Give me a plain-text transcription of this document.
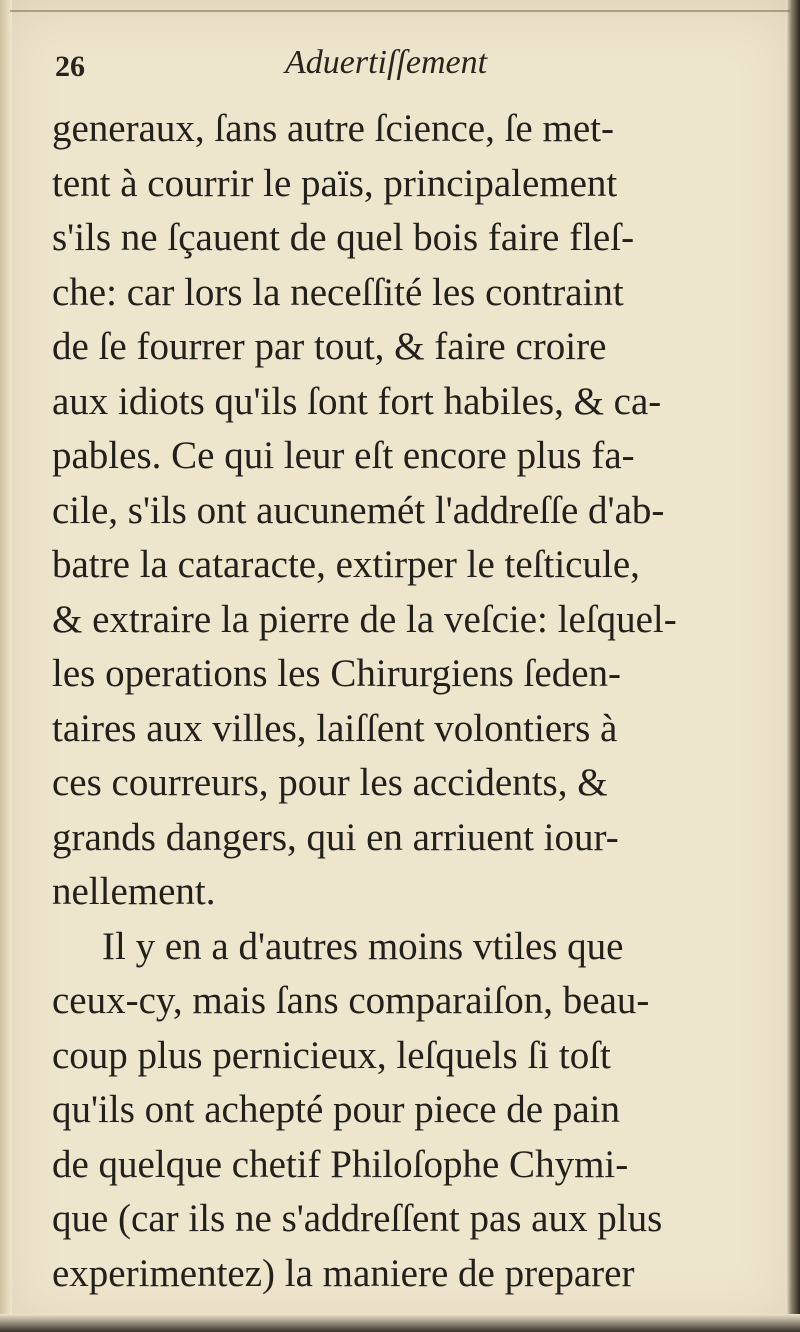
26	Aduertiſſement
generaux, ſans autre ſcience, ſe met-
tent à courrir le païs, principalement
s'ils ne ſçauent de quel bois faire fleſ-
che: car lors la neceſſité les contraint
de ſe fourrer par tout, & faire croire
aux idiots qu'ils ſont fort habiles, & ca-
pables. Ce qui leur eſt encore plus fa-
cile, s'ils ont aucunemét l'addreſſe d'ab-
batre la cataracte, extirper le teſticule,
& extraire la pierre de la veſcie: leſquel-
les operations les Chirurgiens ſeden-
taires aux villes, laiſſent volontiers à
ces courreurs, pour les accidents, &
grands dangers, qui en arriuent iour-
nellement.
Il y en a d'autres moins vtiles que
ceux-cy, mais ſans comparaiſon, beau-
coup plus pernicieux, leſquels ſi toſt
qu'ils ont achepté pour piece de pain
de quelque chetif Philoſophe Chymi-
que (car ils ne s'addreſſent pas aux plus
experimentez) la maniere de preparer
